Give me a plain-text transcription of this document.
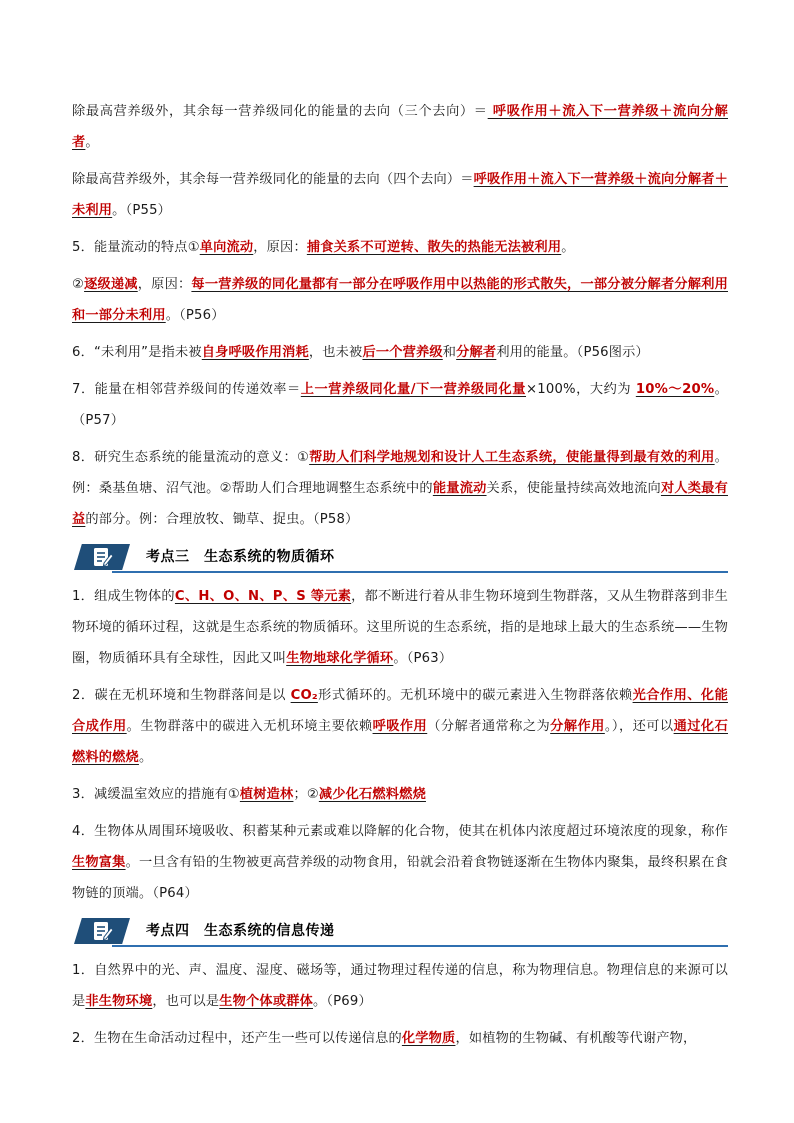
除最高营养级外，其余每一营养级同化的能量的去向（三个去向）＝ 呼吸作用＋流入下一营养级＋流向分解者。

除最高营养级外，其余每一营养级同化的能量的去向（四个去向）＝呼吸作用＋流入下一营养级＋流向分解者＋未利用。（P55）

5．能量流动的特点①单向流动，原因：捕食关系不可逆转、散失的热能无法被利用。

②逐级递减，原因：每一营养级的同化量都有一部分在呼吸作用中以热能的形式散失，一部分被分解者分解利用和一部分未利用。（P56）

6．“未利用”是指未被自身呼吸作用消耗，也未被后一个营养级和分解者利用的能量。（P56图示）

7．能量在相邻营养级间的传递效率＝上一营养级同化量/下一营养级同化量×100%，大约为 10%～20%。（P57）

8．研究生态系统的能量流动的意义：①帮助人们科学地规划和设计人工生态系统，使能量得到最有效的利用。例：桑基鱼塘、沼气池。②帮助人们合理地调整生态系统中的能量流动关系，使能量持续高效地流向对人类最有益的部分。例：合理放牧、锄草、捉虫。（P58）

考点三　生态系统的物质循环

1．组成生物体的C、H、O、N、P、S 等元素，都不断进行着从非生物环境到生物群落，又从生物群落到非生物环境的循环过程，这就是生态系统的物质循环。这里所说的生态系统，指的是地球上最大的生态系统——生物圈，物质循环具有全球性，因此又叫生物地球化学循环。（P63）

2．碳在无机环境和生物群落间是以 CO₂形式循环的。无机环境中的碳元素进入生物群落依赖光合作用、化能合成作用。生物群落中的碳进入无机环境主要依赖呼吸作用（分解者通常称之为分解作用。），还可以通过化石燃料的燃烧。

3．减缓温室效应的措施有①植树造林；②减少化石燃料燃烧

4．生物体从周围环境吸收、积蓄某种元素或难以降解的化合物，使其在机体内浓度超过环境浓度的现象，称作生物富集。一旦含有铅的生物被更高营养级的动物食用，铅就会沿着食物链逐渐在生物体内聚集，最终积累在食物链的顶端。（P64）

考点四　生态系统的信息传递

1．自然界中的光、声、温度、湿度、磁场等，通过物理过程传递的信息，称为物理信息。物理信息的来源可以是非生物环境，也可以是生物个体或群体。（P69）

2．生物在生命活动过程中，还产生一些可以传递信息的化学物质，如植物的生物碱、有机酸等代谢产物，
